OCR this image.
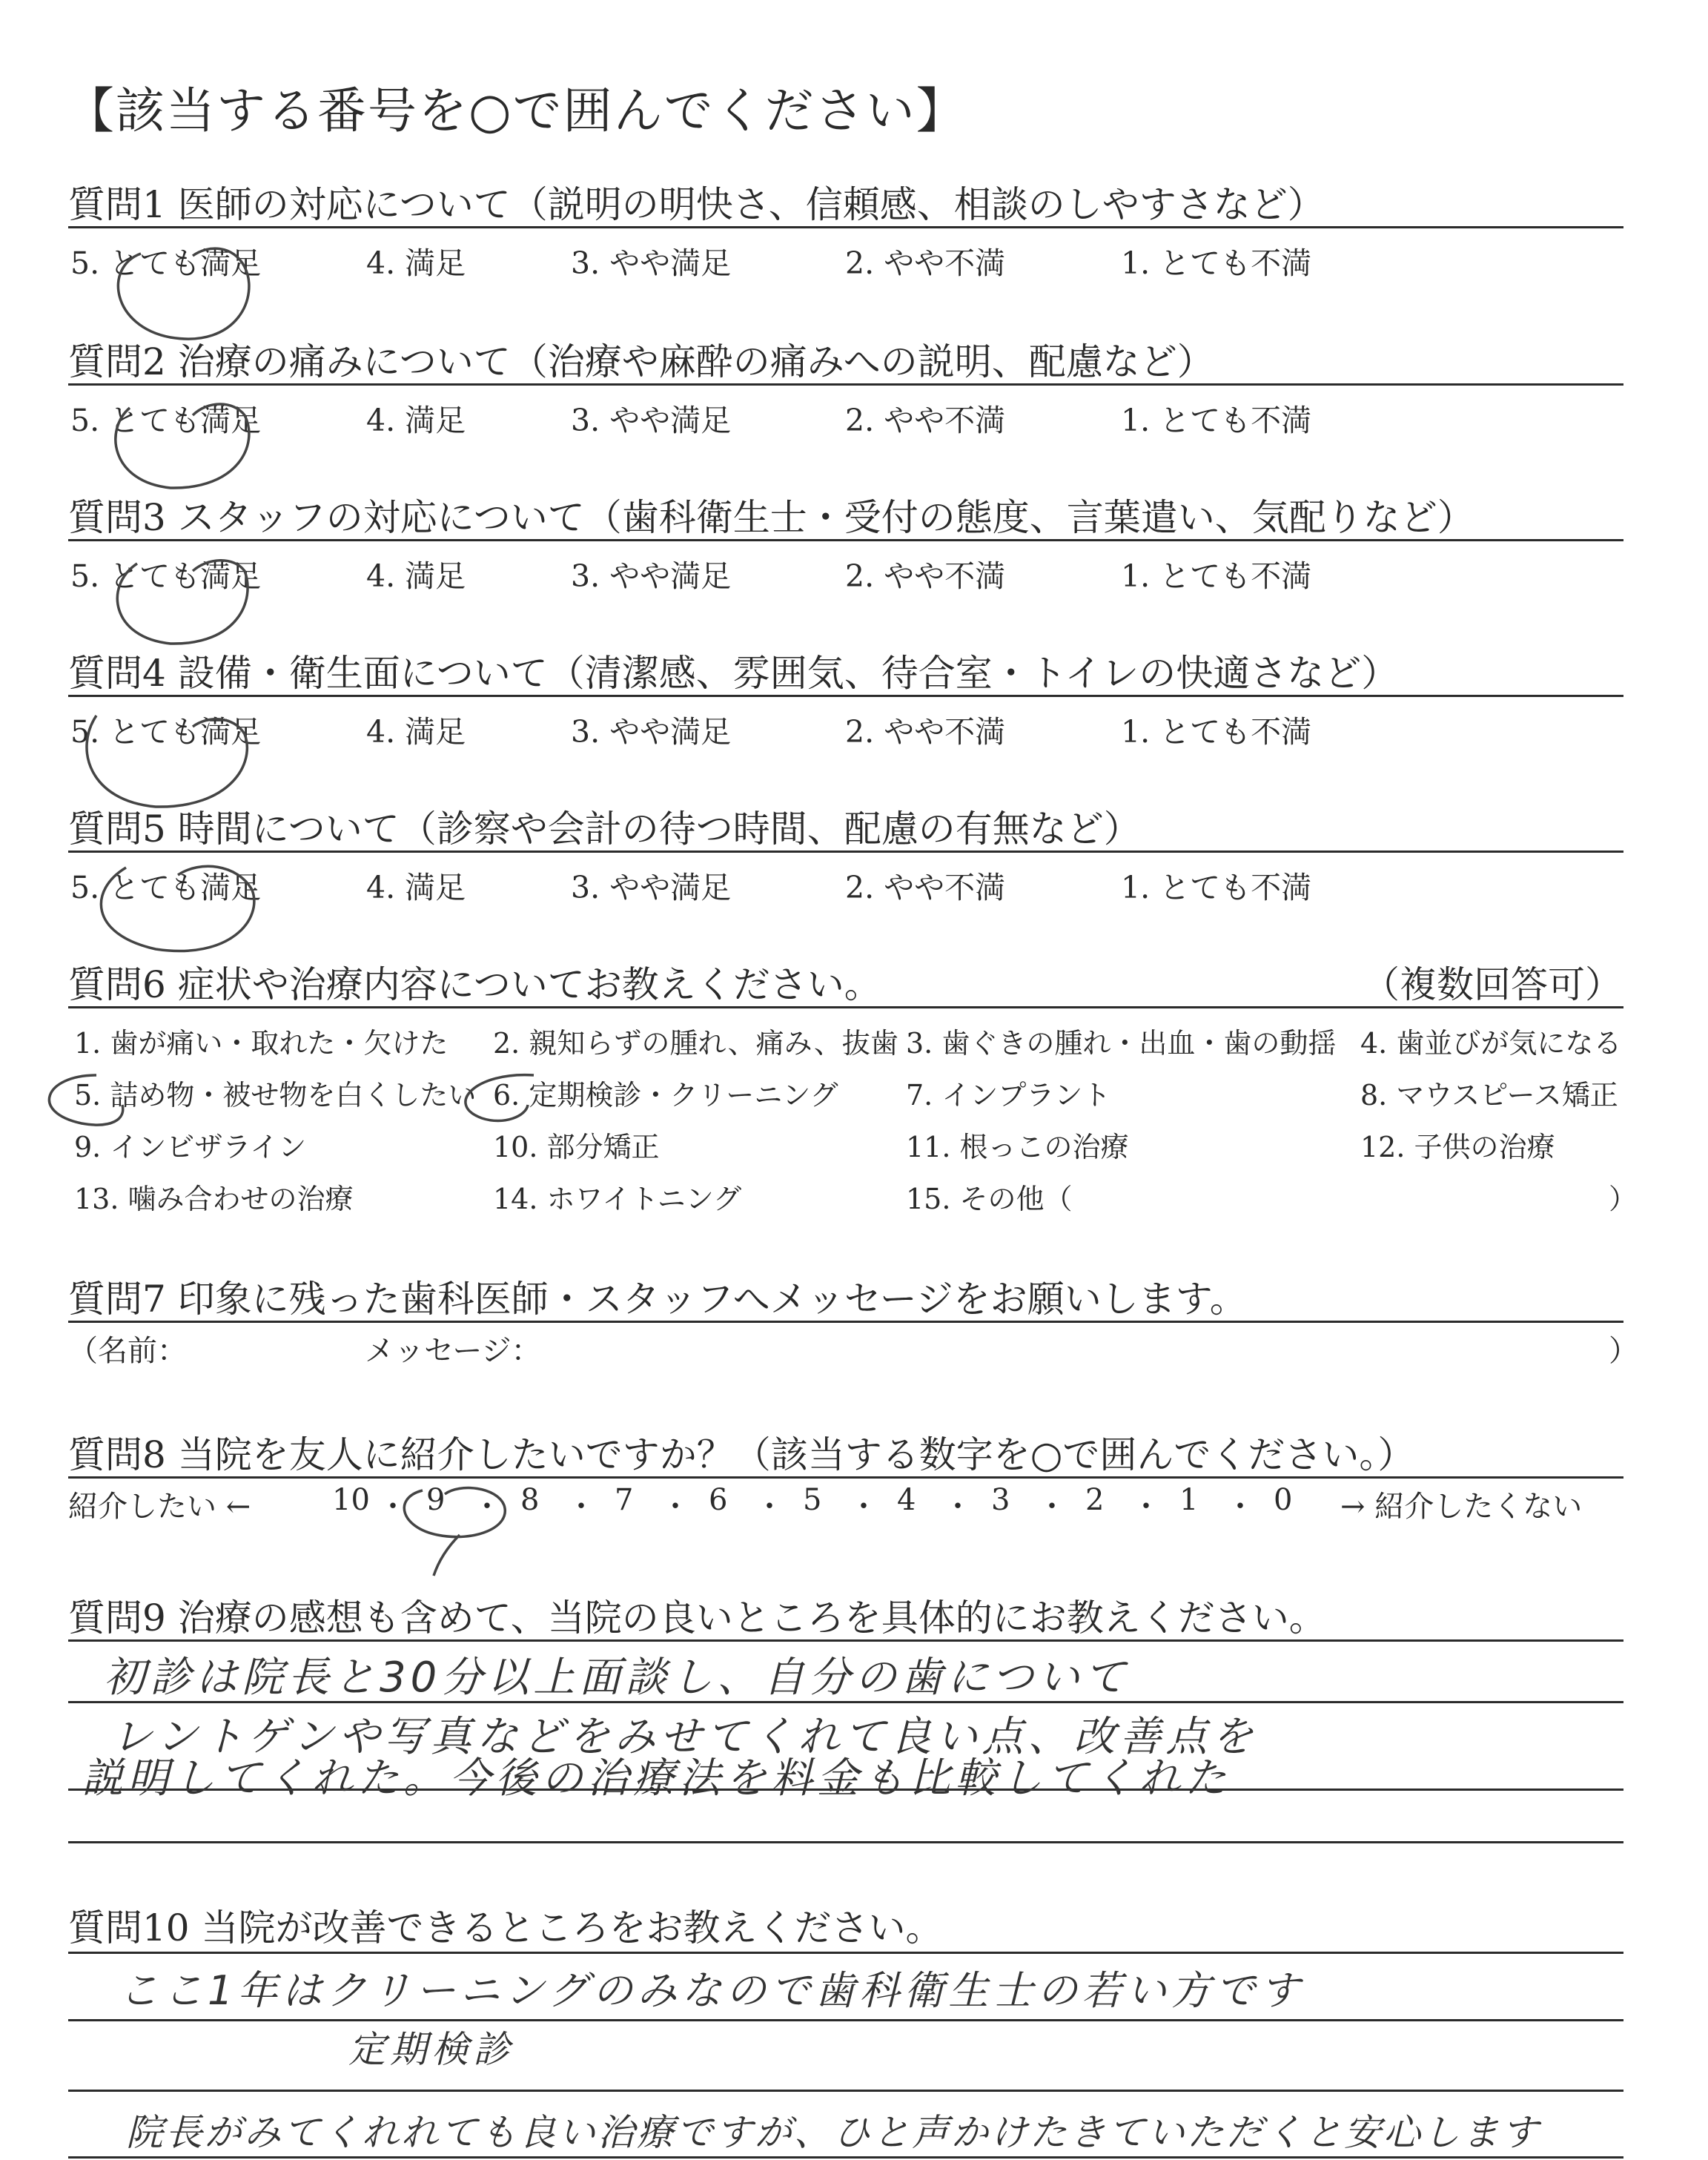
【該当する番号を○で囲んでください】
質問1 医師の対応について（説明の明快さ、信頼感、相談のしやすさなど）
5. とても満足	4. 満足	3. やや満足	2. やや不満	1. とても不満
質問2 治療の痛みについて（治療や麻酔の痛みへの説明、配慮など）
5. とても満足	4. 満足	3. やや満足	2. やや不満	1. とても不満
質問3 スタッフの対応について（歯科衛生士・受付の態度、言葉遣い、気配りなど）
5. とても満足	4. 満足	3. やや満足	2. やや不満	1. とても不満
質問4 設備・衛生面について（清潔感、雰囲気、待合室・トイレの快適さなど）
5. とても満足	4. 満足	3. やや満足	2. やや不満	1. とても不満
質問5 時間について（診察や会計の待つ時間、配慮の有無など）
5. とても満足	4. 満足	3. やや満足	2. やや不満	1. とても不満
質問6 症状や治療内容についてお教えください。	（複数回答可）
1. 歯が痛い・取れた・欠けた 2. 親知らずの腫れ、痛み、抜歯 3. 歯ぐきの腫れ・出血・歯の動揺 4. 歯並びが気になる
5. 詰め物・被せ物を白くしたい 6. 定期検診・クリーニング 7. インプラント	8. マウスピース矯正
9. インビザライン	10. 部分矯正	11. 根っこの治療	12. 子供の治療
13. 噛み合わせの治療	14. ホワイトニング	15. その他（	）
質問7 印象に残った歯科医師・スタッフへメッセージをお願いします。
（名前：	メッセージ：	）
質問8 当院を友人に紹介したいですか？（該当する数字を○で囲んでください。）
紹介したい ←	→ 紹介したくない
10 ・ 9 ・ 8 ・ 7 ・ 6 ・ 5 ・ 4 ・ 3 ・ 2 ・ 1 ・ 0
質問9 治療の感想も含めて、当院の良いところを具体的にお教えください。
初診は院長と30分以上面談し、自分の歯について
レントゲンや写真などをみせてくれて良い点、改善点を
説明してくれた。今後の治療法を料金も比較してくれた
質問10 当院が改善できるところをお教えください。
ここ1年はクリーニングのみなので歯科衛生士の若い方です
定期検診
院長がみてくれれても良い治療ですが、ひと声かけたきていただくと安心します
